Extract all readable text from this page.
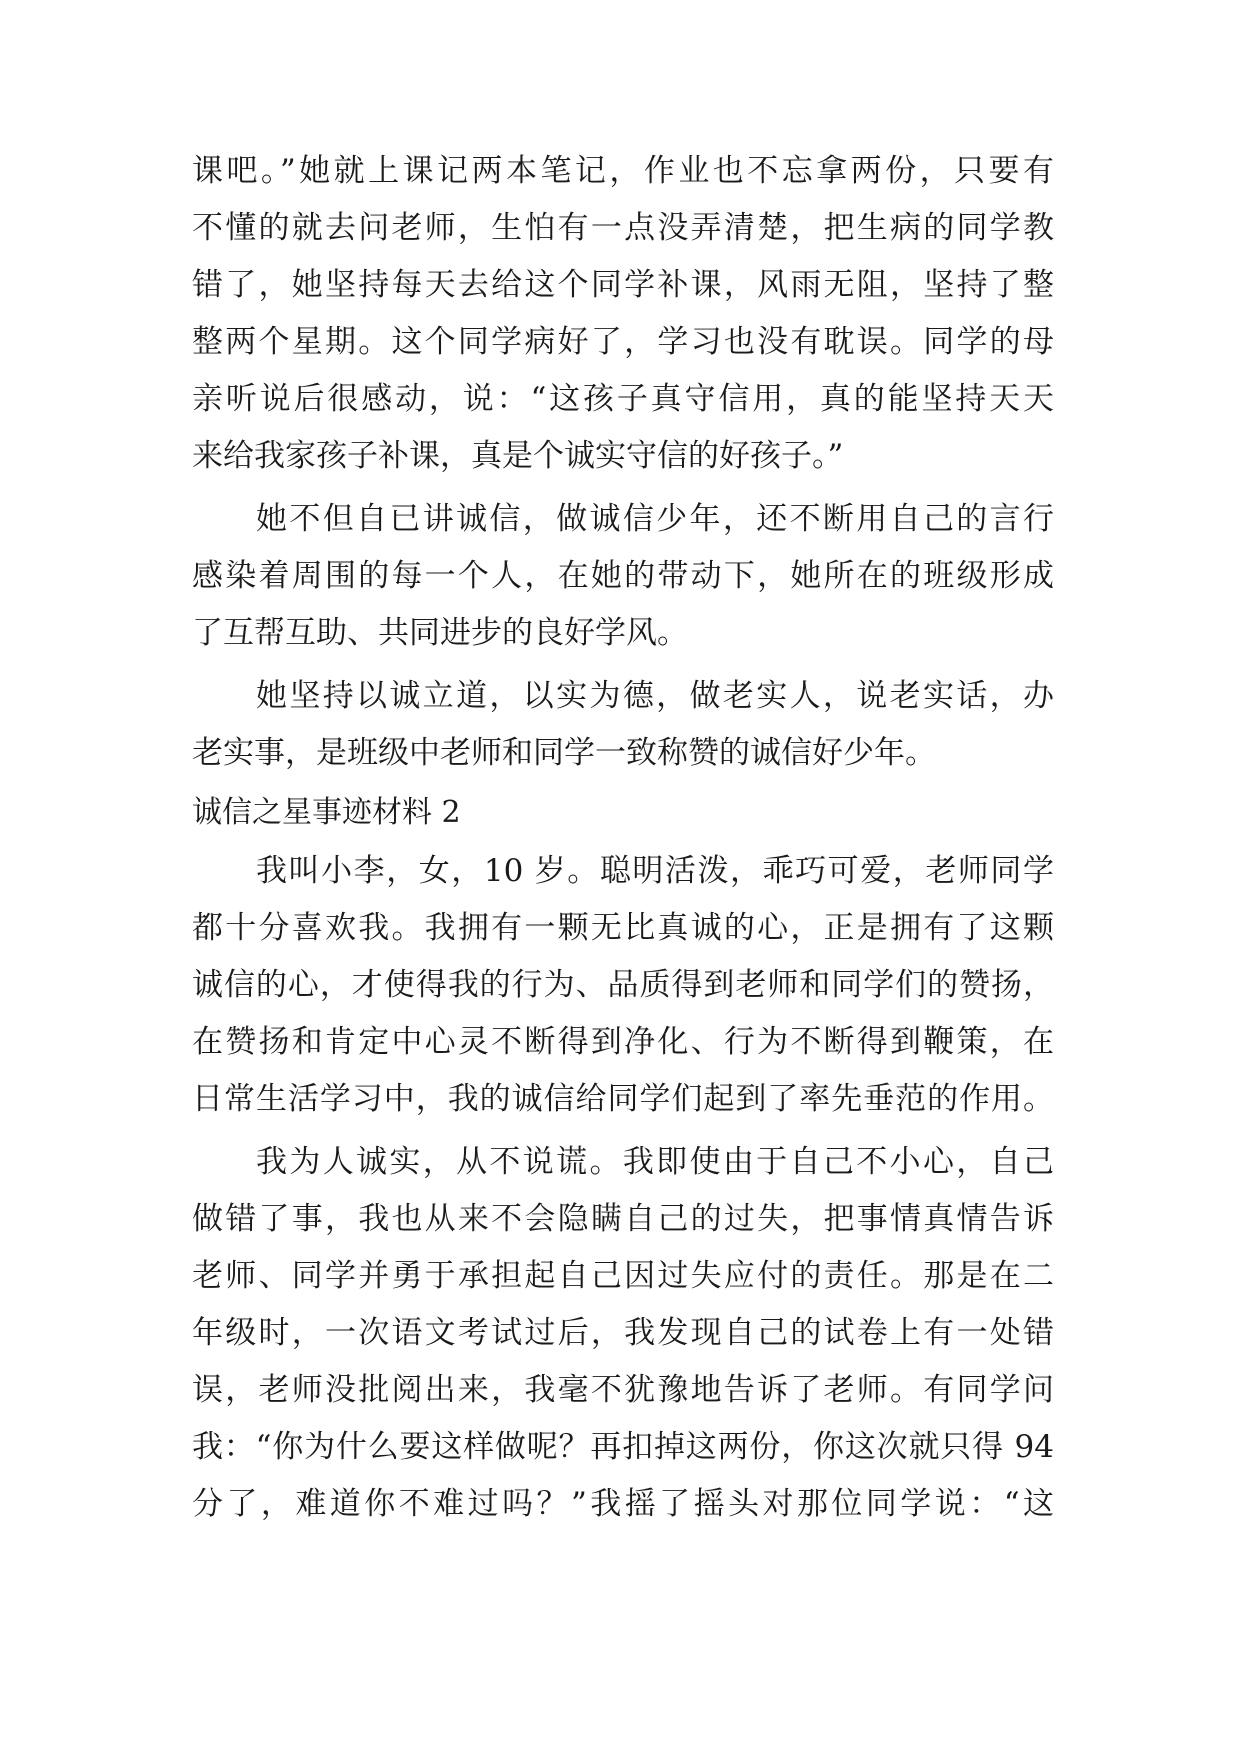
课吧。”她就上课记两本笔记，作业也不忘拿两份，只要有
不懂的就去问老师，生怕有一点没弄清楚，把生病的同学教
错了，她坚持每天去给这个同学补课，风雨无阻，坚持了整
整两个星期。这个同学病好了，学习也没有耽误。同学的母
亲听说后很感动，说：“这孩子真守信用，真的能坚持天天
来给我家孩子补课，真是个诚实守信的好孩子。”
她不但自已讲诚信，做诚信少年，还不断用自己的言行
感染着周围的每一个人，在她的带动下，她所在的班级形成
了互帮互助、共同进步的良好学风。
她坚持以诚立道，以实为德，做老实人，说老实话，办
老实事，是班级中老师和同学一致称赞的诚信好少年。
诚信之星事迹材料 2
我叫小李，女，10 岁。聪明活泼，乖巧可爱，老师同学
都十分喜欢我。我拥有一颗无比真诚的心，正是拥有了这颗
诚信的心，才使得我的行为、品质得到老师和同学们的赞扬，
在赞扬和肯定中心灵不断得到净化、行为不断得到鞭策，在
日常生活学习中，我的诚信给同学们起到了率先垂范的作用。
我为人诚实，从不说谎。我即使由于自己不小心，自己
做错了事，我也从来不会隐瞒自己的过失，把事情真情告诉
老师、同学并勇于承担起自己因过失应付的责任。那是在二
年级时，一次语文考试过后，我发现自己的试卷上有一处错
误，老师没批阅出来，我毫不犹豫地告诉了老师。有同学问
我：“你为什么要这样做呢？再扣掉这两份，你这次就只得 94
分了，难道你不难过吗？”我摇了摇头对那位同学说：“这
